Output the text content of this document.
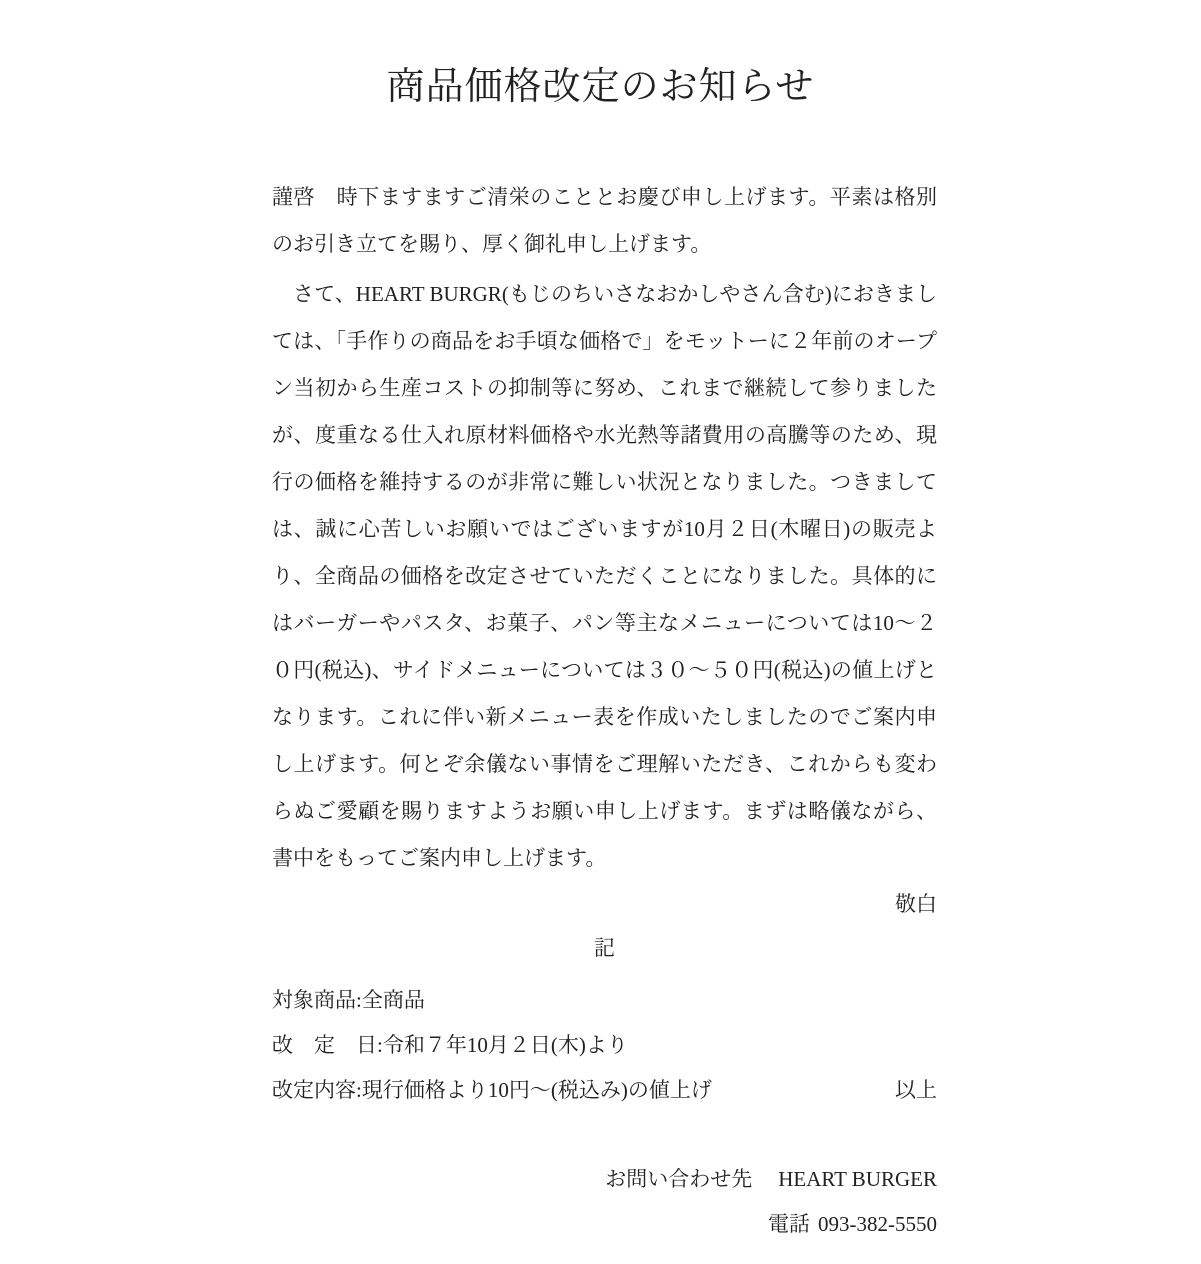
商品価格改定のお知らせ

謹啓　時下ますますご清栄のこととお慶び申し上げます。平素は格別のお引き立てを賜り、厚く御礼申し上げます。

　さて、HEART BURGR(もじのちいさなおかしやさん含む)におきましては、「手作りの商品をお手頃な価格で」をモットーに２年前のオープン当初から生産コストの抑制等に努め、これまで継続して参りましたが、度重なる仕入れ原材料価格や水光熱等諸費用の高騰等のため、現行の価格を維持するのが非常に難しい状況となりました。つきましては、誠に心苦しいお願いではございますが10月２日(木曜日)の販売より、全商品の価格を改定させていただくことになりました。具体的にはバーガーやパスタ、お菓子、パン等主なメニューについては10～２０円(税込)、サイドメニューについては３０～５０円(税込)の値上げとなります。これに伴い新メニュー表を作成いたしましたのでご案内申し上げます。何とぞ余儀ない事情をご理解いただき、これからも変わらぬご愛顧を賜りますようお願い申し上げます。まずは略儀ながら、書中をもってご案内申し上げます。

敬白
記
対象商品 : 全商品
改　定　日 : 令和７年10月２日(木)より
改定内容 : 現行価格より10円～(税込み)の値上げ	以上
お問い合わせ先 HEART BURGER
電話 093-382-5550
